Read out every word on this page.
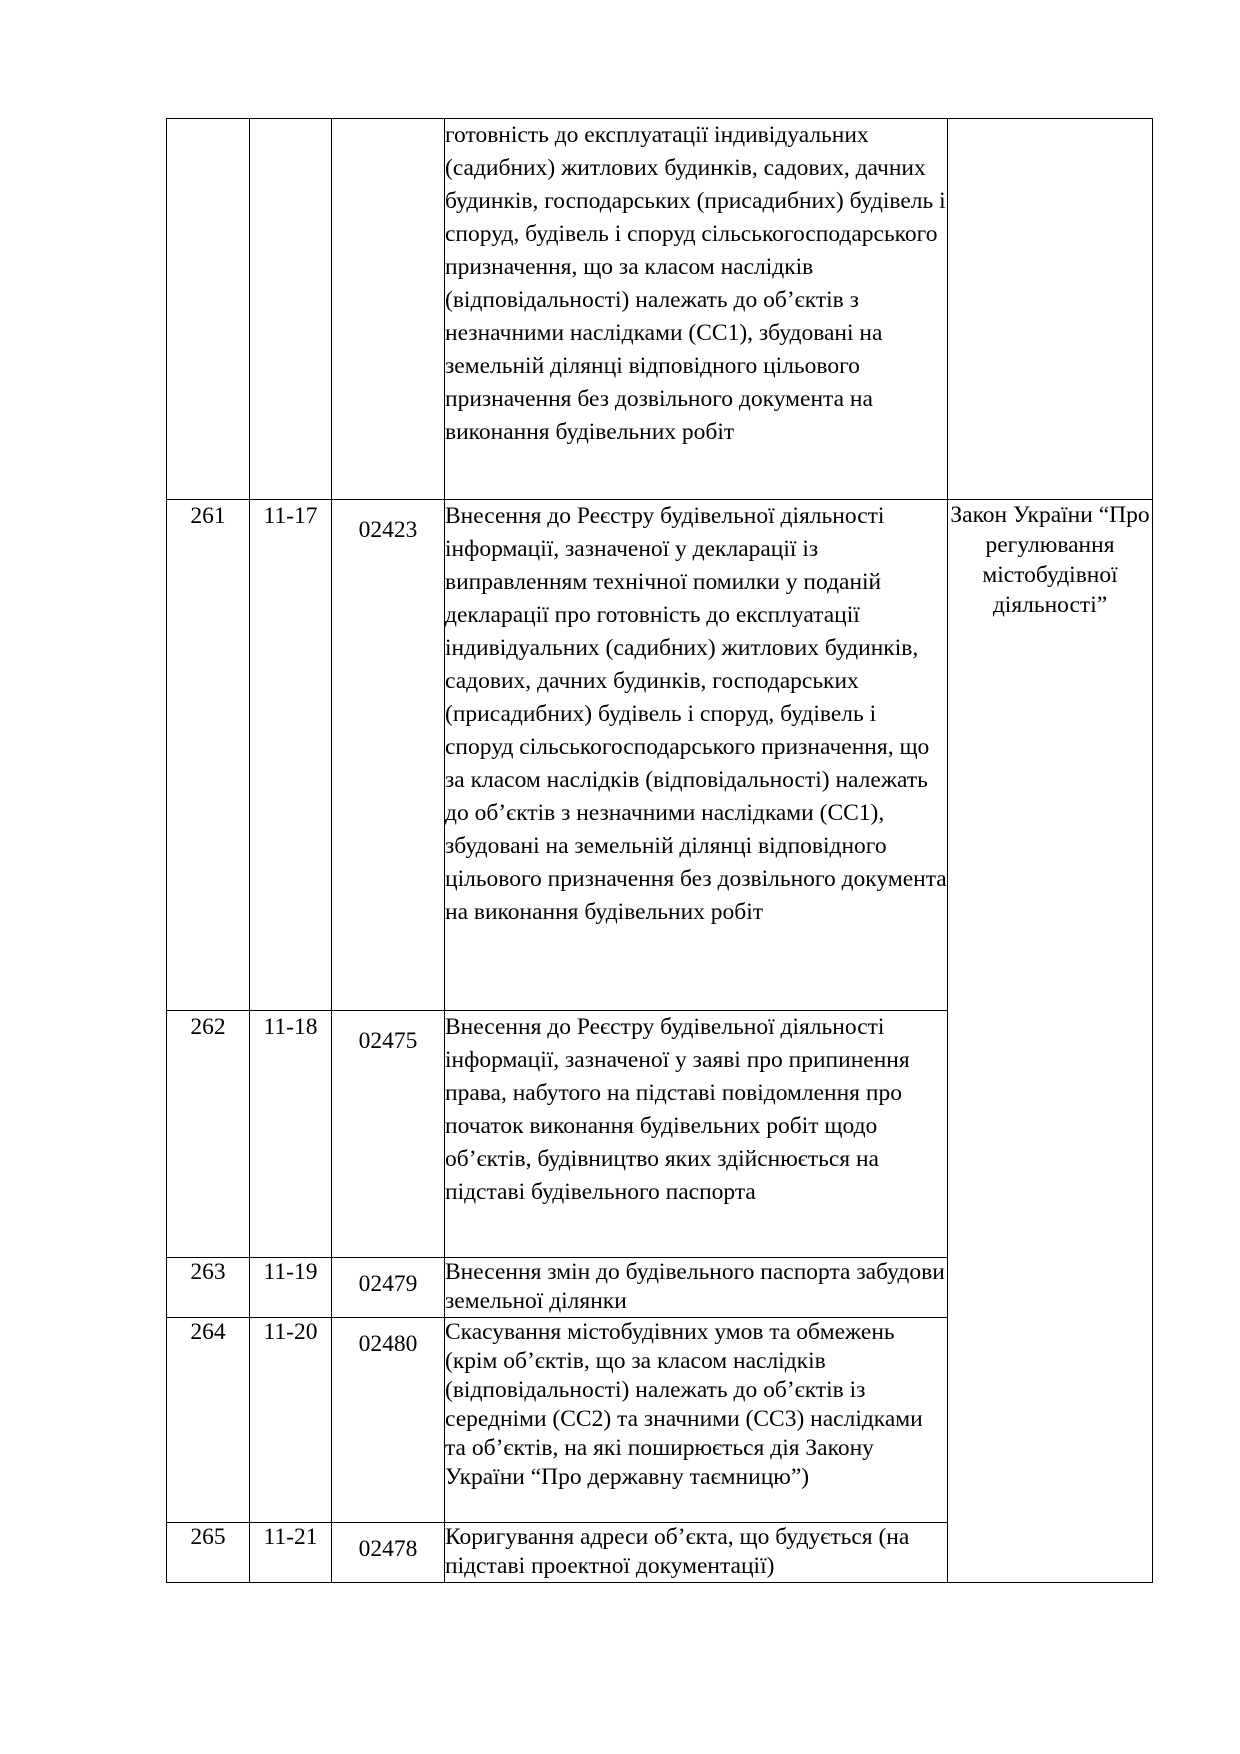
			готовність до експлуатації індивідуальних (садибних) житлових будинків, садових, дачних будинків, господарських (присадибних) будівель і споруд, будівель і споруд сільськогосподарського призначення, що за класом наслідків (відповідальності) належать до об’єктів з незначними наслідками (СС1), збудовані на земельній ділянці відповідного цільового призначення без дозвільного документа на виконання будівельних робіт	
261	11-17	02423	Внесення до Реєстру будівельної діяльності інформації, зазначеної у декларації із виправленням технічної помилки у поданій декларації про готовність до експлуатації індивідуальних (садибних) житлових будинків, садових, дачних будинків, господарських (присадибних) будівель і споруд, будівель і споруд сільськогосподарського призначення, що за класом наслідків (відповідальності) належать до об’єктів з незначними наслідками (СС1), збудовані на земельній ділянці відповідного цільового призначення без дозвільного документа на виконання будівельних робіт	Закон України “Про регулювання містобудівної діяльності”
262	11-18	02475	Внесення до Реєстру будівельної діяльності інформації, зазначеної у заяві про припинення права, набутого на підставі повідомлення про початок виконання будівельних робіт щодо об’єктів, будівництво яких здійснюється на підставі будівельного паспорта	
263	11-19	02479	Внесення змін до будівельного паспорта забудови земельної ділянки	
264	11-20	02480	Скасування містобудівних умов та обмежень (крім об’єктів, що за класом наслідків (відповідальності) належать до об’єктів із середніми (СС2) та значними (СС3) наслідками та об’єктів, на які поширюється дія Закону України “Про державну таємницю”)	
265	11-21	02478	Коригування адреси об’єкта, що будується (на підставі проектної документації)	
